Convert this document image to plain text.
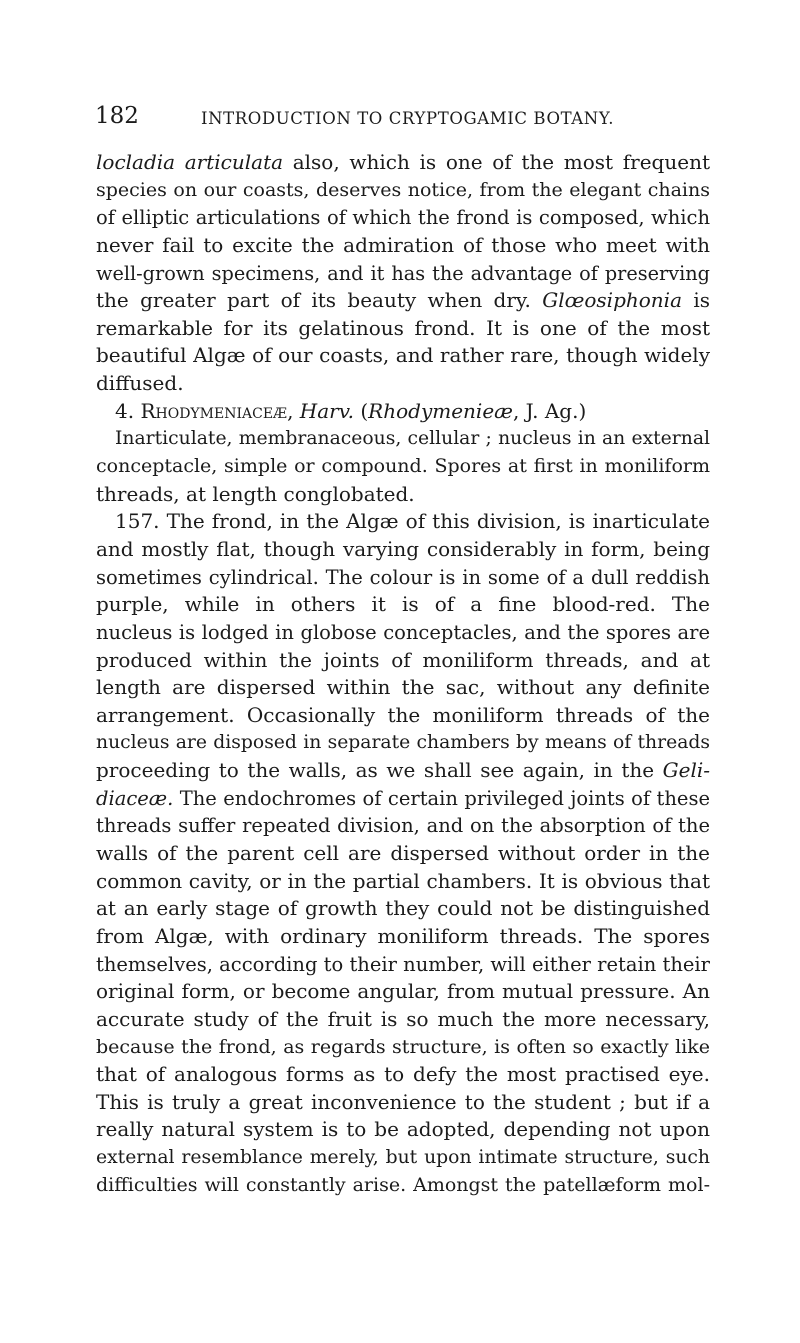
182	INTRODUCTION TO CRYPTOGAMIC BOTANY.
locladia articulata also, which is one of the most frequent
species on our coasts, deserves notice, from the elegant chains
of elliptic articulations of which the frond is composed, which
never fail to excite the admiration of those who meet with
well-grown specimens, and it has the advantage of preserving
the greater part of its beauty when dry. Glœosiphonia is
remarkable for its gelatinous frond. It is one of the most
beautiful Algæ of our coasts, and rather rare, though widely
diffused.
4. Rhodymeniaceæ, Harv. (Rhodymenieæ, J. Ag.)
Inarticulate, membranaceous, cellular ; nucleus in an external
conceptacle, simple or compound. Spores at first in moniliform
threads, at length conglobated.
157. The frond, in the Algæ of this division, is inarticulate
and mostly flat, though varying considerably in form, being
sometimes cylindrical. The colour is in some of a dull reddish
purple, while in others it is of a fine blood-red. The
nucleus is lodged in globose conceptacles, and the spores are
produced within the joints of moniliform threads, and at
length are dispersed within the sac, without any definite
arrangement. Occasionally the moniliform threads of the
nucleus are disposed in separate chambers by means of threads
proceeding to the walls, as we shall see again, in the Geli-
diaceæ. The endochromes of certain privileged joints of these
threads suffer repeated division, and on the absorption of the
walls of the parent cell are dispersed without order in the
common cavity, or in the partial chambers. It is obvious that
at an early stage of growth they could not be distinguished
from Algæ, with ordinary moniliform threads. The spores
themselves, according to their number, will either retain their
original form, or become angular, from mutual pressure. An
accurate study of the fruit is so much the more necessary,
because the frond, as regards structure, is often so exactly like
that of analogous forms as to defy the most practised eye.
This is truly a great inconvenience to the student ; but if a
really natural system is to be adopted, depending not upon
external resemblance merely, but upon intimate structure, such
difficulties will constantly arise. Amongst the patellæform mol-
